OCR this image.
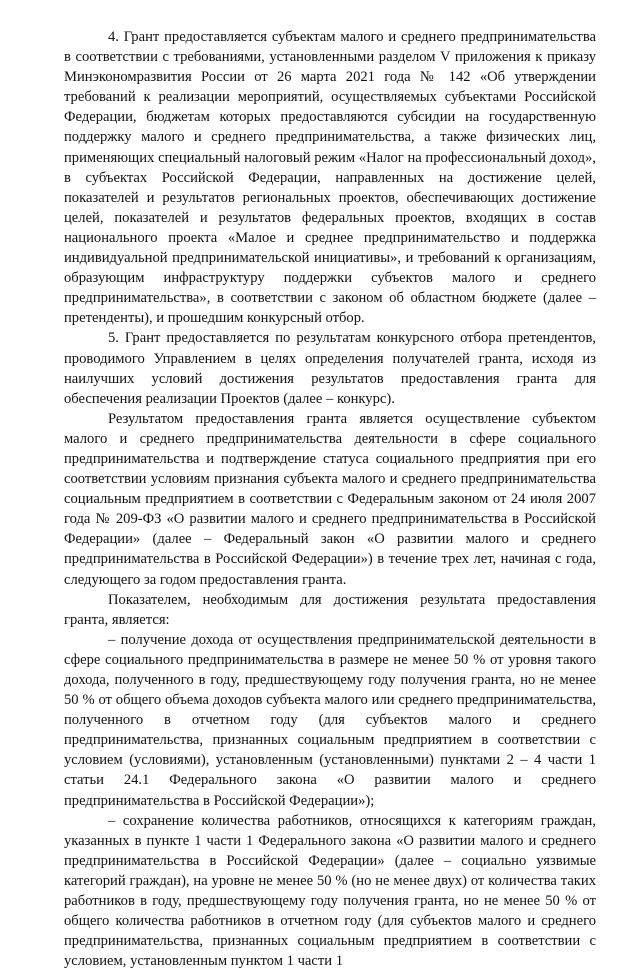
4. Грант предоставляется субъектам малого и среднего предпринимательства в соответствии с требованиями, установленными разделом V приложения к приказу Минэкономразвития России от 26 марта 2021 года № 142 «Об утверждении требований к реализации мероприятий, осуществляемых субъектами Российской Федерации, бюджетам которых предоставляются субсидии на государственную поддержку малого и среднего предпринимательства, а также физических лиц, применяющих специальный налоговый режим «Налог на профессиональный доход», в субъектах Российской Федерации, направленных на достижение целей, показателей и результатов региональных проектов, обеспечивающих достижение целей, показателей и результатов федеральных проектов, входящих в состав национального проекта «Малое и среднее предпринимательство и поддержка индивидуальной предпринимательской инициативы», и требований к организациям, образующим инфраструктуру поддержки субъектов малого и среднего предпринимательства», в соответствии с законом об областном бюджете (далее – претенденты), и прошедшим конкурсный отбор.

5. Грант предоставляется по результатам конкурсного отбора претендентов, проводимого Управлением в целях определения получателей гранта, исходя из наилучших условий достижения результатов предоставления гранта для обеспечения реализации Проектов (далее – конкурс).

Результатом предоставления гранта является осуществление субъектом малого и среднего предпринимательства деятельности в сфере социального предпринимательства и подтверждение статуса социального предприятия при его соответствии условиям признания субъекта малого и среднего предпринимательства социальным предприятием в соответствии с Федеральным законом от 24 июля 2007 года № 209-ФЗ «О развитии малого и среднего предпринимательства в Российской Федерации» (далее – Федеральный закон «О развитии малого и среднего предпринимательства в Российской Федерации») в течение трех лет, начиная с года, следующего за годом предоставления гранта.

Показателем, необходимым для достижения результата предоставления гранта, является:

– получение дохода от осуществления предпринимательской деятельности в сфере социального предпринимательства в размере не менее 50 % от уровня такого дохода, полученного в году, предшествующему году получения гранта, но не менее 50 % от общего объема доходов субъекта малого или среднего предпринимательства, полученного в отчетном году (для субъектов малого и среднего предпринимательства, признанных социальным предприятием в соответствии с условием (условиями), установленным (установленными) пунктами 2 – 4 части 1 статьи 24.1 Федерального закона «О развитии малого и среднего предпринимательства в Российской Федерации»);

– сохранение количества работников, относящихся к категориям граждан, указанных в пункте 1 части 1 Федерального закона «О развитии малого и среднего предпринимательства в Российской Федерации» (далее – социально уязвимые категорий граждан), на уровне не менее 50 % (но не менее двух) от количества таких работников в году, предшествующему году получения гранта, но не менее 50 % от общего количества работников в отчетном году (для субъектов малого и среднего предпринимательства, признанных социальным предприятием в соответствии с условием, установленным пунктом 1 части 1
